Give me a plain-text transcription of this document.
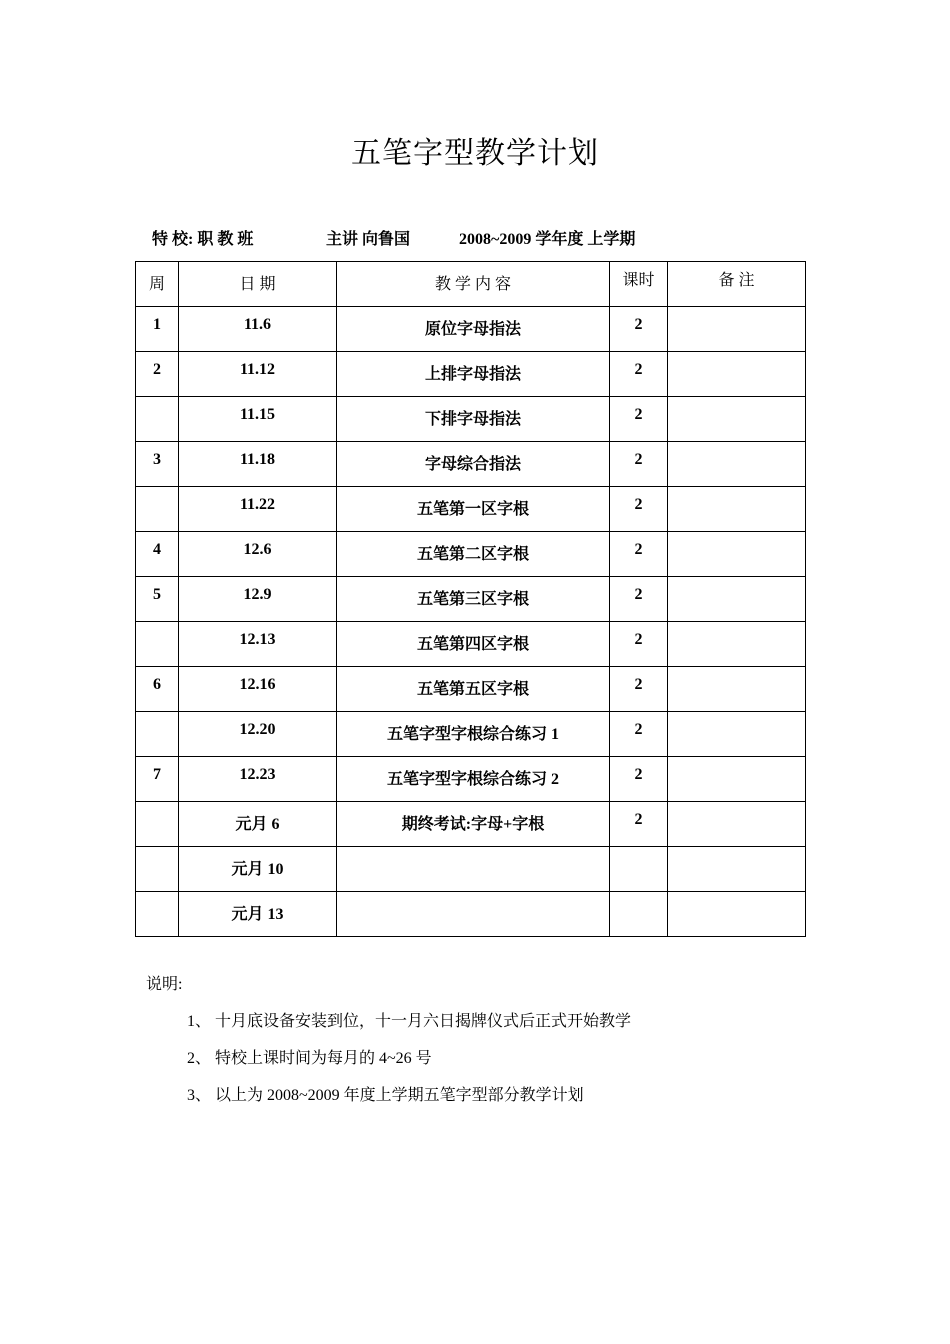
五笔字型教学计划
特 校: 职 教 班	主讲 向鲁国	2008~2009 学年度 上学期
周	日 期	教 学 内 容	课时	备 注

1	11.6	原位字母指法	2	

2	11.12	上排字母指法	2	

	11.15	下排字母指法	2	

3	11.18	字母综合指法	2	

	11.22	五笔第一区字根	2	

4	12.6	五笔第二区字根	2	

5	12.9	五笔第三区字根	2	

	12.13	五笔第四区字根	2	

6	12.16	五笔第五区字根	2	

	12.20	五笔字型字根综合练习 1	2	

7	12.23	五笔字型字根综合练习 2	2	

	元月 6	期终考试:字母+字根	2	

	元月 10			

	元月 13			

说明:
1、 十月底设备安装到位，十一月六日揭牌仪式后正式开始教学
2、 特校上课时间为每月的 4~26 号
3、 以上为 2008~2009 年度上学期五笔字型部分教学计划
